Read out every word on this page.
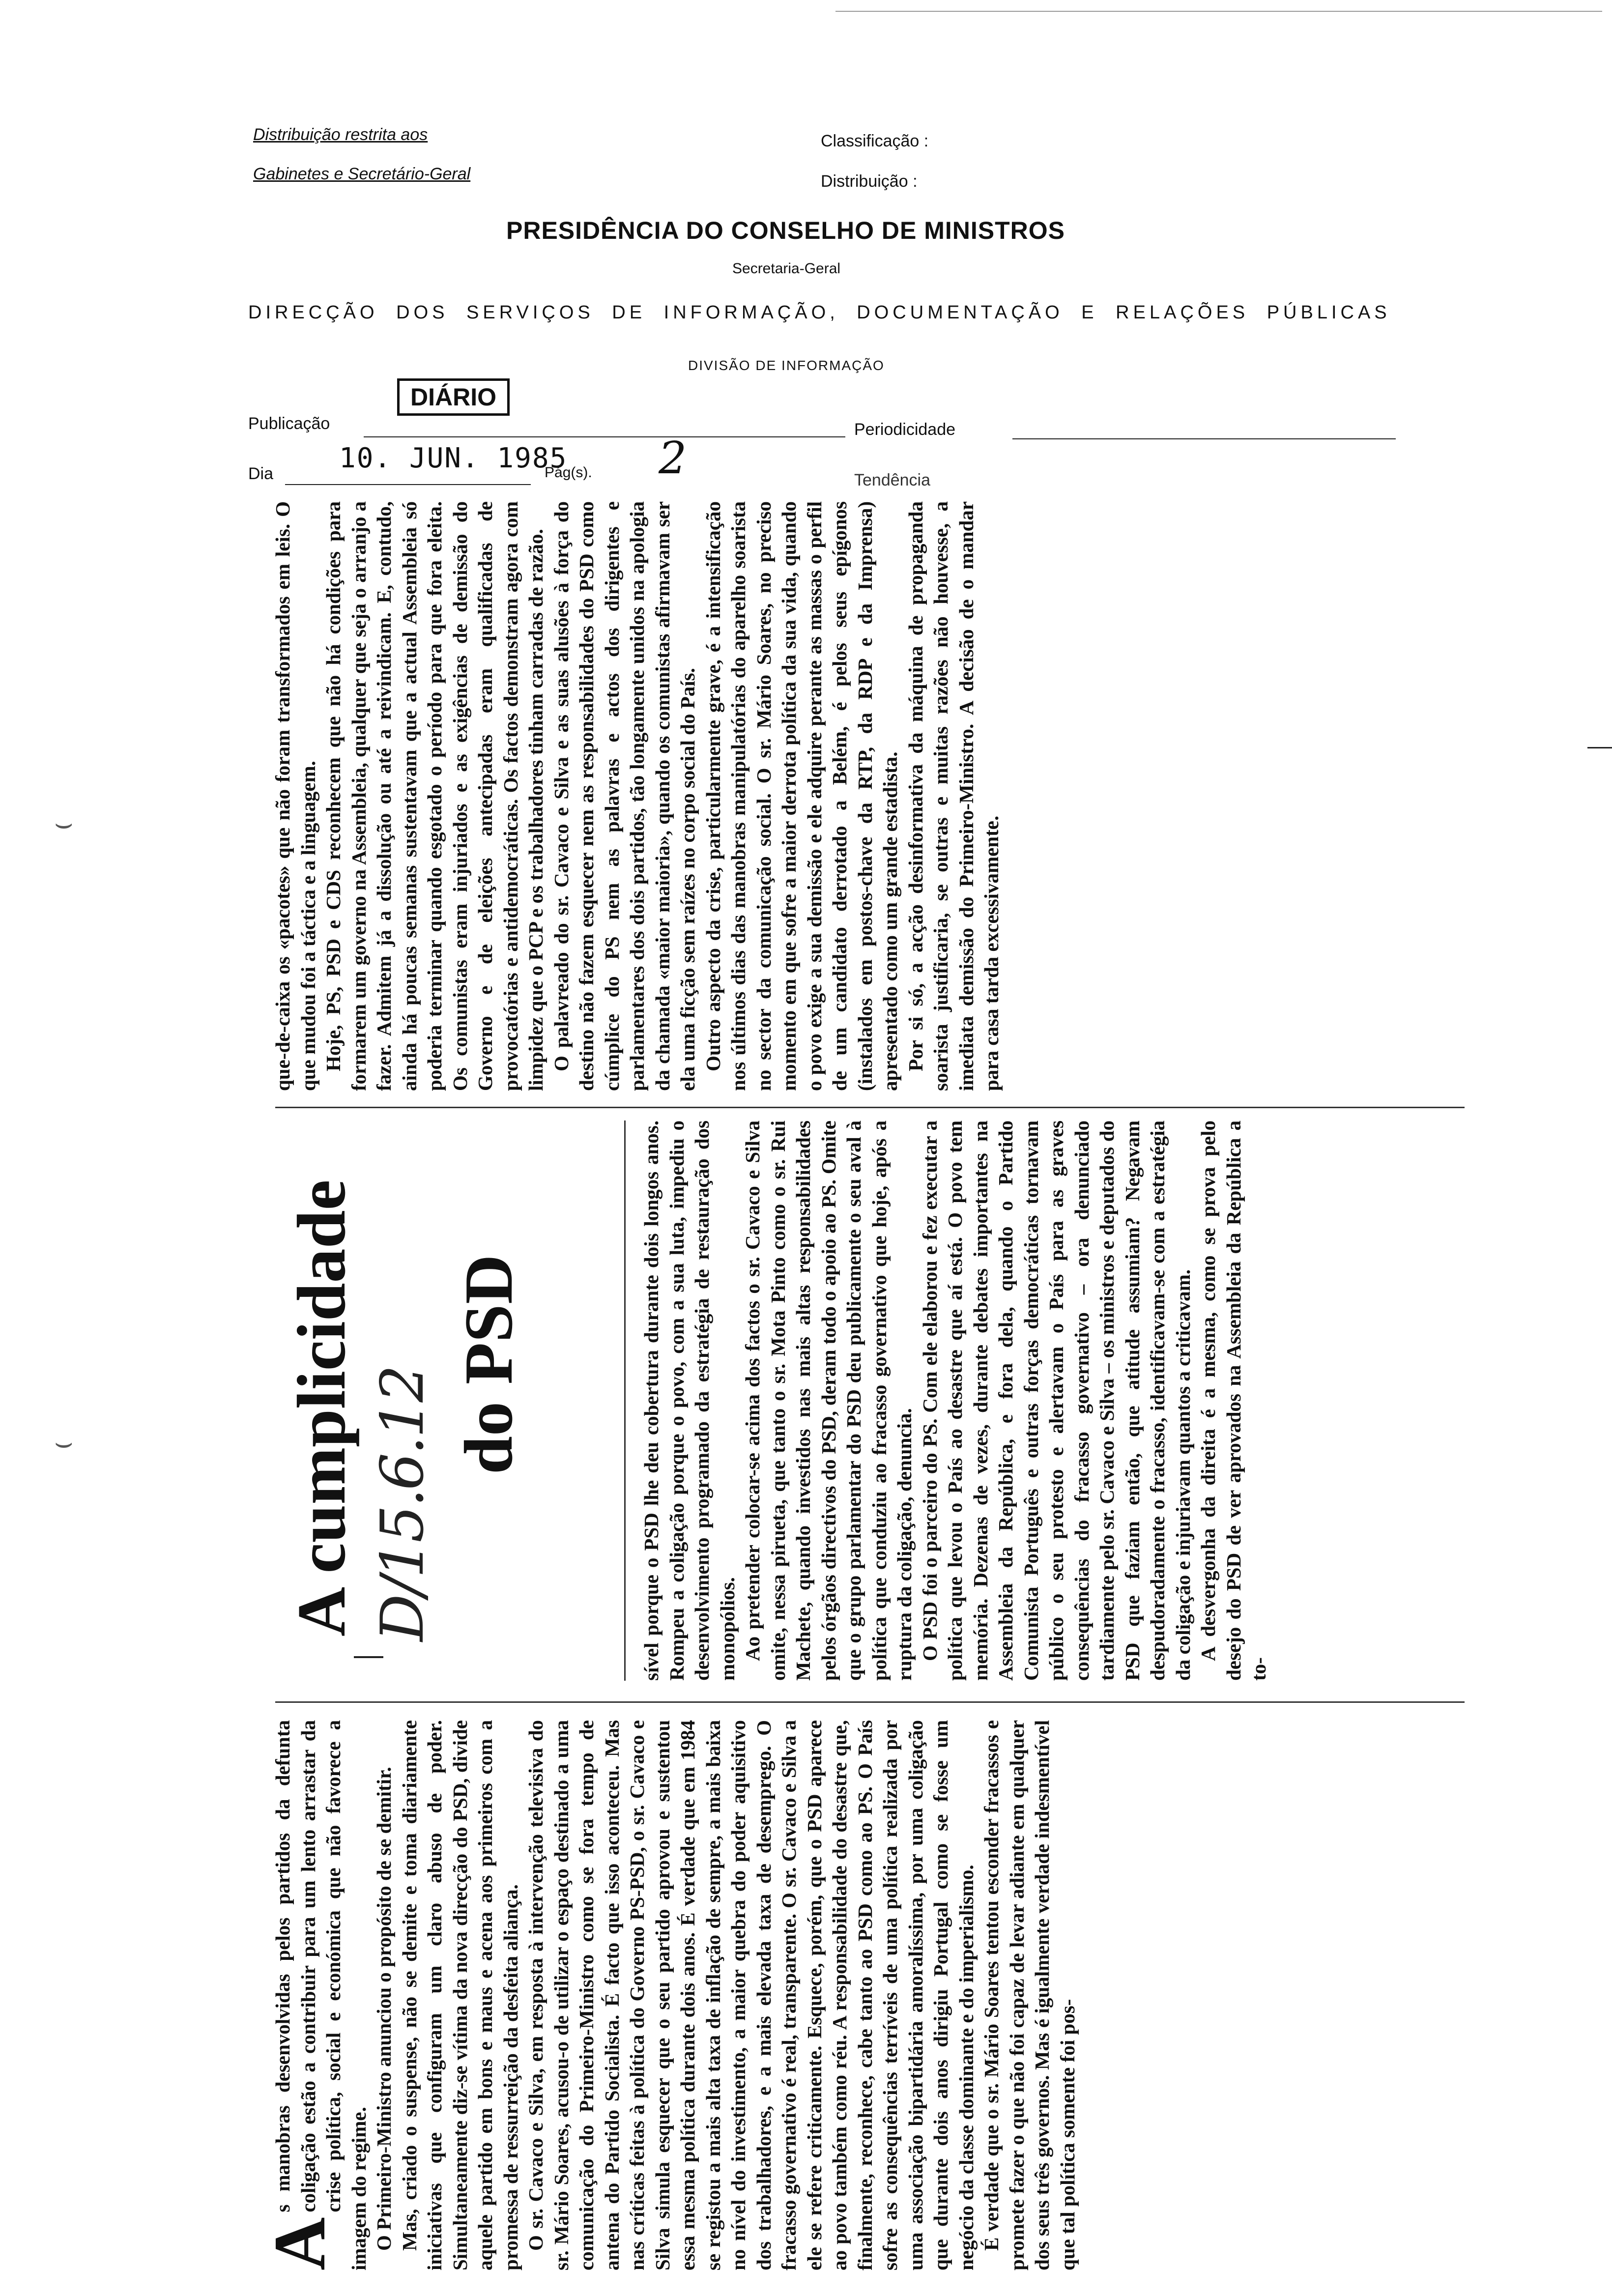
Distribuição restrita aos
Gabinetes e Secretário-Geral
Classificação :
Distribuição :
PRESIDÊNCIA DO CONSELHO DE MINISTROS
Secretaria-Geral
DIRECÇÃO DOS SERVIÇOS DE INFORMAÇÃO, DOCUMENTAÇÃO E RELAÇÕES PÚBLICAS
DIVISÃO DE INFORMAÇÃO
Publicação
DIÁRIO
Periodicidade
Dia 10. JUN. 1985
Pág(s). 2	Tendência
⌣
⌣
A

s manobras desenvolvidas pelos partidos da defunta coligação estão a contribuir para um lento arrastar da crise política, social e económica que não favorece a imagem do regime. O Primeiro-Ministro anunciou o propósito de se demitir. Mas, criado o suspense, não se demite e toma diariamente iniciativas que configuram um claro abuso de poder. Simultaneamente diz-se vítima da nova direcção do PSD, divide aquele partido em bons e maus e acena aos primeiros com a promessa de ressurreição da desfeita aliança. O sr. Cavaco e Silva, em resposta à intervenção televisiva do sr. Mário Soares, acusou-o de utilizar o espaço destinado a uma comunicação do Primeiro-Ministro como se fora tempo de antena do Partido Socialista. É facto que isso aconteceu. Mas nas críticas feitas à política do Governo PS-PSD, o sr. Cavaco e Silva simula esquecer que o seu partido aprovou e sustentou essa mesma política durante dois anos. É verdade que em 1984 se registou a mais alta taxa de inflação de sempre, a mais baixa no nível do investimento, a maior quebra do poder aquisitivo dos trabalhadores, e a mais elevada taxa de desemprego. O fracasso governativo é real, transparente. O sr. Cavaco e Silva a ele se refere criticamente. Esquece, porém, que o PSD aparece ao povo também como réu. A responsabilidade do desastre que, finalmente, reconhece, cabe tanto ao PSD como ao PS. O País sofre as consequências terríveis de uma política realizada por uma associação bipartidária amoralíssima, por uma coligação que durante dois anos dirigiu Portugal como se fosse um negócio da classe dominante e do imperialismo. É verdade que o sr. Mário Soares tentou esconder fracassos e promete fazer o que não foi capaz de levar adiante em qualquer dos seus três governos. Mas é igualmente verdade indesmentível que tal política somente foi pos-

D/15.6.12
A cumplicidade do PSD	sível porque o PSD lhe deu cobertura durante dois longos anos. Rompeu a coligação porque o povo, com a sua luta, impediu o desenvolvimento programado da estratégia de restauração dos monopólios. Ao pretender colocar-se acima dos factos o sr. Cavaco e Silva omite, nessa pirueta, que tanto o sr. Mota Pinto como o sr. Rui Machete, quando investidos nas mais altas responsabilidades pelos órgãos directivos do PSD, deram todo o apoio ao PS. Omite que o grupo parlamentar do PSD deu publicamente o seu aval à política que conduziu ao fracasso governativo que hoje, após a ruptura da coligação, denuncia. O PSD foi o parceiro do PS. Com ele elaborou e fez executar a política que levou o País ao desastre que aí está. O povo tem memória. Dezenas de vezes, durante debates importantes na Assembleia da República, e fora dela, quando o Partido Comunista Português e outras forças democráticas tornavam público o seu protesto e alertavam o País para as graves consequências do fracasso governativo – ora denunciado tardiamente pelo sr. Cavaco e Silva – os ministros e deputados do PSD que faziam então, que atitude assumiam? Negavam despudoradamente o fracasso, identificavam-se com a estratégia da coligação e injuriavam quantos a criticavam. A desvergonha da direita é a mesma, como se prova pelo desejo do PSD de ver aprovados na Assembleia da República a to-

que-de-caixa os «pacotes» que não foram transformados em leis. O que mudou foi a táctica e a linguagem. Hoje, PS, PSD e CDS reconhecem que não há condições para formarem um governo na Assembleia, qualquer que seja o arranjo a fazer. Admitem já a dissolução ou até a reivindicam. E, contudo, ainda há poucas semanas sustentavam que a actual Assembleia só poderia terminar quando esgotado o período para que fora eleita. Os comunistas eram injuriados e as exigências de demissão do Governo e de eleições antecipadas eram qualificadas de provocatórias e antidemocráticas. Os factos demonstram agora com limpidez que o PCP e os trabalhadores tinham carradas de razão. O palavreado do sr. Cavaco e Silva e as suas alusões à força do destino não fazem esquecer nem as responsabilidades do PSD como cúmplice do PS nem as palavras e actos dos dirigentes e parlamentares dos dois partidos, tão longamente unidos na apologia da chamada «maior maioria», quando os comunistas afirmavam ser ela uma ficção sem raízes no corpo social do País. Outro aspecto da crise, particularmente grave, é a intensificação nos últimos dias das manobras manipulatórias do aparelho soarista no sector da comunicação social. O sr. Mário Soares, no preciso momento em que sofre a maior derrota política da sua vida, quando o povo exige a sua demissão e ele adquire perante as massas o perfil de um candidato derrotado a Belém, é pelos seus epígonos (instalados em postos-chave da RTP, da RDP e da Imprensa) apresentado como um grande estadista. Por si só, a acção desinformativa da máquina de propaganda soarista justificaria, se outras e muitas razões não houvesse, a imediata demissão do Primeiro-Ministro. A decisão de o mandar para casa tarda excessivamente.
